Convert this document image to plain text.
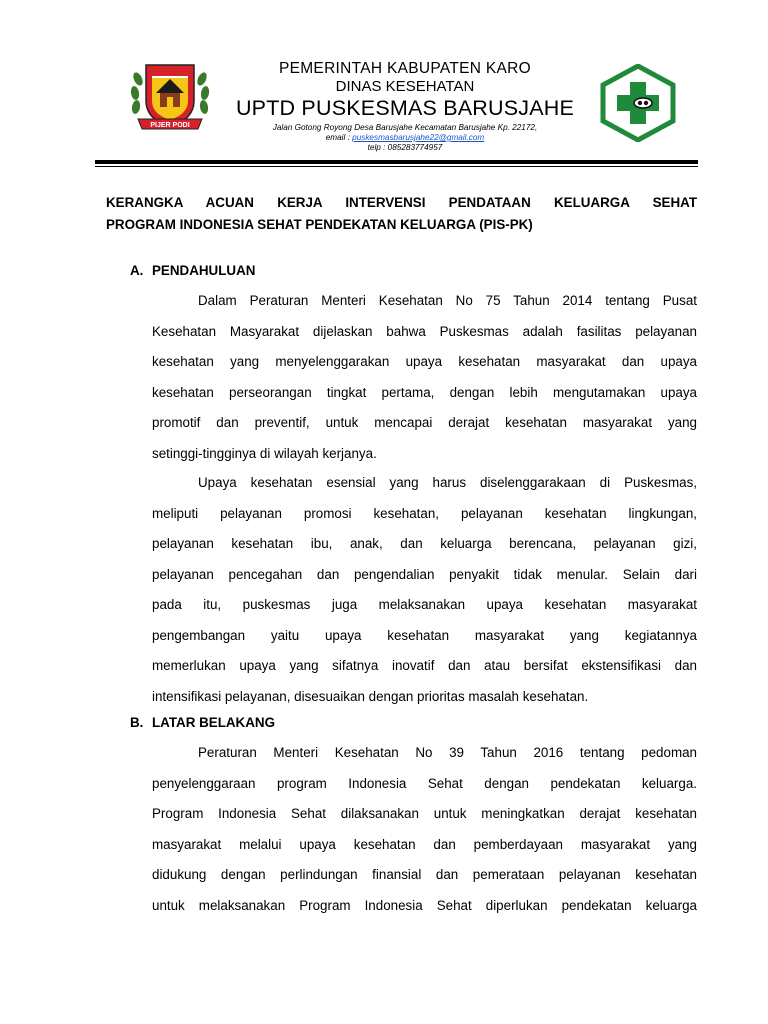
PIJER PODI
PEMERINTAH KABUPATEN KARO
DINAS KESEHATAN
UPTD PUSKESMAS BARUSJAHE
Jalan Gotong Royong Desa Barusjahe Kecamatan Barusjahe Kp. 22172,
email : puskesmasbarusjahe22@gmail.com
telp : 085283774957
KERANGKA ACUAN KERJA INTERVENSI PENDATAAN KELUARGA SEHAT
PROGRAM INDONESIA SEHAT PENDEKATAN KELUARGA (PIS-PK)
A. PENDAHULUAN
Dalam Peraturan Menteri Kesehatan No 75 Tahun 2014 tentang Pusat
Kesehatan Masyarakat dijelaskan bahwa Puskesmas adalah fasilitas pelayanan
kesehatan yang menyelenggarakan upaya kesehatan masyarakat dan upaya
kesehatan perseorangan tingkat pertama, dengan lebih mengutamakan upaya
promotif dan preventif, untuk mencapai derajat kesehatan masyarakat yang
setinggi-tingginya di wilayah kerjanya.
Upaya kesehatan esensial yang harus diselenggarakaan di Puskesmas,
meliputi pelayanan promosi kesehatan, pelayanan kesehatan lingkungan,
pelayanan kesehatan ibu, anak, dan keluarga berencana, pelayanan gizi,
pelayanan pencegahan dan pengendalian penyakit tidak menular. Selain dari
pada itu, puskesmas juga melaksanakan upaya kesehatan masyarakat
pengembangan yaitu upaya kesehatan masyarakat yang kegiatannya
memerlukan upaya yang sifatnya inovatif dan atau bersifat ekstensifikasi dan
intensifikasi pelayanan, disesuaikan dengan prioritas masalah kesehatan.
B. LATAR BELAKANG
Peraturan Menteri Kesehatan No 39 Tahun 2016 tentang pedoman
penyelenggaraan program Indonesia Sehat dengan pendekatan keluarga.
Program Indonesia Sehat dilaksanakan untuk meningkatkan derajat kesehatan
masyarakat melalui upaya kesehatan dan pemberdayaan masyarakat yang
didukung dengan perlindungan finansial dan pemerataan pelayanan kesehatan
untuk melaksanakan Program Indonesia Sehat diperlukan pendekatan keluarga
